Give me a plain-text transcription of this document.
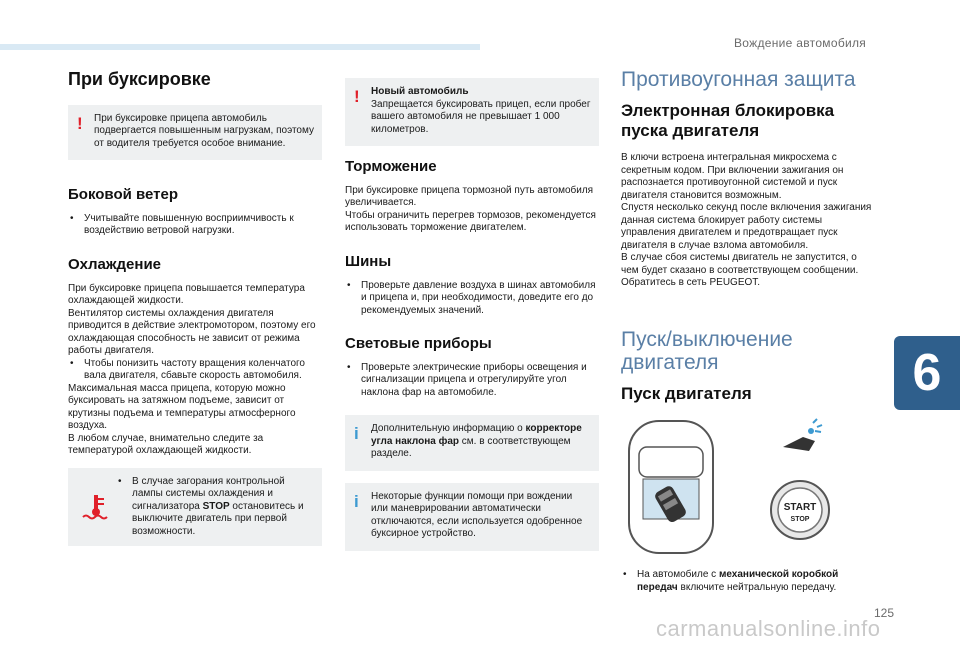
Вождение автомобиля
6
125
carmanualsonline.info
При буксировке
! При буксировке прицепа автомобиль подвергается повышенным нагрузкам, поэтому от водителя требуется особое внимание.

Боковой ветер

• Учитывайте повышенную восприимчивость к воздействию ветровой нагрузки.

Охлаждение

При буксировке прицепа повышается температура охлаждающей жидкости.

Вентилятор системы охлаждения двигателя приводится в действие электромотором, поэтому его охлаждающая способность не зависит от режима работы двигателя.

• Чтобы понизить частоту вращения коленчатого вала двигателя, сбавьте скорость автомобиля.

Максимальная масса прицепа, которую можно буксировать на затяжном подъеме, зависит от крутизны подъема и температуры атмосферного воздуха.

В любом случае, внимательно следите за температурой охлаждающей жидкости.

• В случае загорания контрольной лампы системы охлаждения и сигнализатора STOP остановитесь и выключите двигатель при первой возможности.

! Новый автомобиль

Запрещается буксировать прицеп, если пробег вашего автомобиля не превышает 1 000 километров.

Торможение

При буксировке прицепа тормозной путь автомобиля увеличивается.

Чтобы ограничить перегрев тормозов, рекомендуется использовать торможение двигателем.

Шины

• Проверьте давление воздуха в шинах автомобиля и прицепа и, при необходимости, доведите его до рекомендуемых значений.

Световые приборы

• Проверьте электрические приборы освещения и сигнализации прицепа и отрегулируйте угол наклона фар на автомобиле.

i Дополнительную информацию о корректоре угла наклона фар см. в соответствующем разделе.

i Некоторые функции помощи при вождении или маневрировании автоматически отключаются, если используется одобренное буксирное устройство.

Противоугонная защита
Электронная блокировка пуска двигателя

В ключи встроена интегральная микросхема с секретным кодом. При включении зажигания он распознается противоугонной системой и пуск двигателя становится возможным.

Спустя несколько секунд после включения зажигания данная система блокирует работу системы управления двигателем и предотвращает пуск двигателя в случае взлома автомобиля.

В случае сбоя системы двигатель не запустится, о чем будет сказано в соответствующем сообщении. Обратитесь в сеть PEUGEOT.

Пуск/выключение двигателя
Пуск двигателя
START
STOP

• На автомобиле с механической коробкой передач включите нейтральную передачу.
